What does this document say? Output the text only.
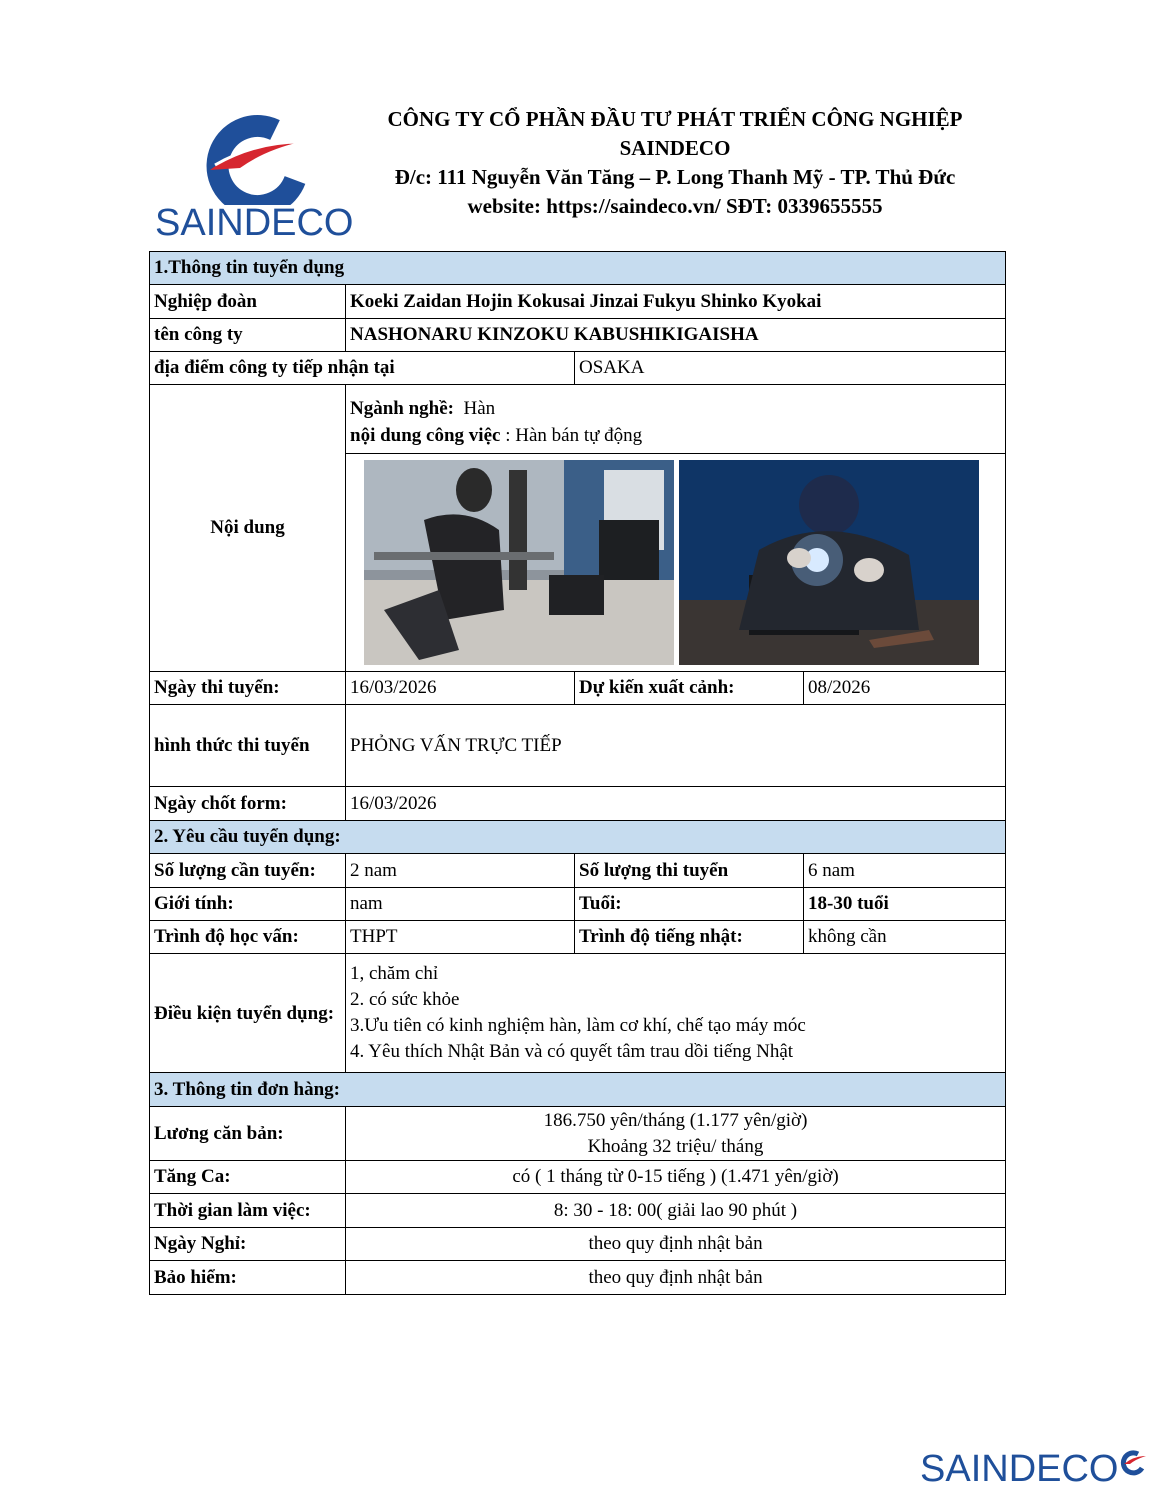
SAINDECO
CÔNG TY CỔ PHẦN ĐẦU TƯ PHÁT TRIỂN CÔNG NGHIỆP
SAINDECO
Đ/c: 111 Nguyễn Văn Tăng – P. Long Thanh Mỹ - TP. Thủ Đức
website: https://saindeco.vn/ SĐT: 0339655555
1.Thông tin tuyển dụng			
Nghiệp đoàn	Koeki Zaidan Hojin Kokusai Jinzai Fukyu Shinko Kyokai		
tên công ty	NASHONARU KINZOKU KABUSHIKIGAISHA		
địa điểm công ty tiếp nhận tại		OSAKA	
Nội dung	Ngành nghề: Hàn
nội dung công việc : Hàn bán tự động		

Ngày thi tuyển:	16/03/2026	Dự kiến xuất cảnh:	08/2026
hình thức thi tuyển	PHỎNG VẤN TRỰC TIẾP		
Ngày chốt form:	16/03/2026		
2. Yêu cầu tuyển dụng:			
Số lượng cần tuyển:	2 nam	Số lượng thi tuyển	6 nam
Giới tính:	nam	Tuổi:	18-30 tuổi
Trình độ học vấn:	THPT	Trình độ tiếng nhật:	không cần
Điều kiện tuyển dụng:	1, chăm chỉ
2. có sức khỏe
3.Ưu tiên có kinh nghiệm hàn, làm cơ khí, chế tạo máy móc
4. Yêu thích Nhật Bản và có quyết tâm trau dồi tiếng Nhật		

3. Thông tin đơn hàng:			
Lương căn bản:	186.750 yên/tháng (1.177 yên/giờ)
Khoảng 32 triệu/ tháng		

Tăng Ca:	có ( 1 tháng từ 0-15 tiếng ) (1.471 yên/giờ)		
Thời gian làm việc:	8: 30 - 18: 00( giải lao 90 phút )		
Ngày Nghỉ:	theo quy định nhật bản		
Bảo hiểm:	theo quy định nhật bản		
SAINDECO
